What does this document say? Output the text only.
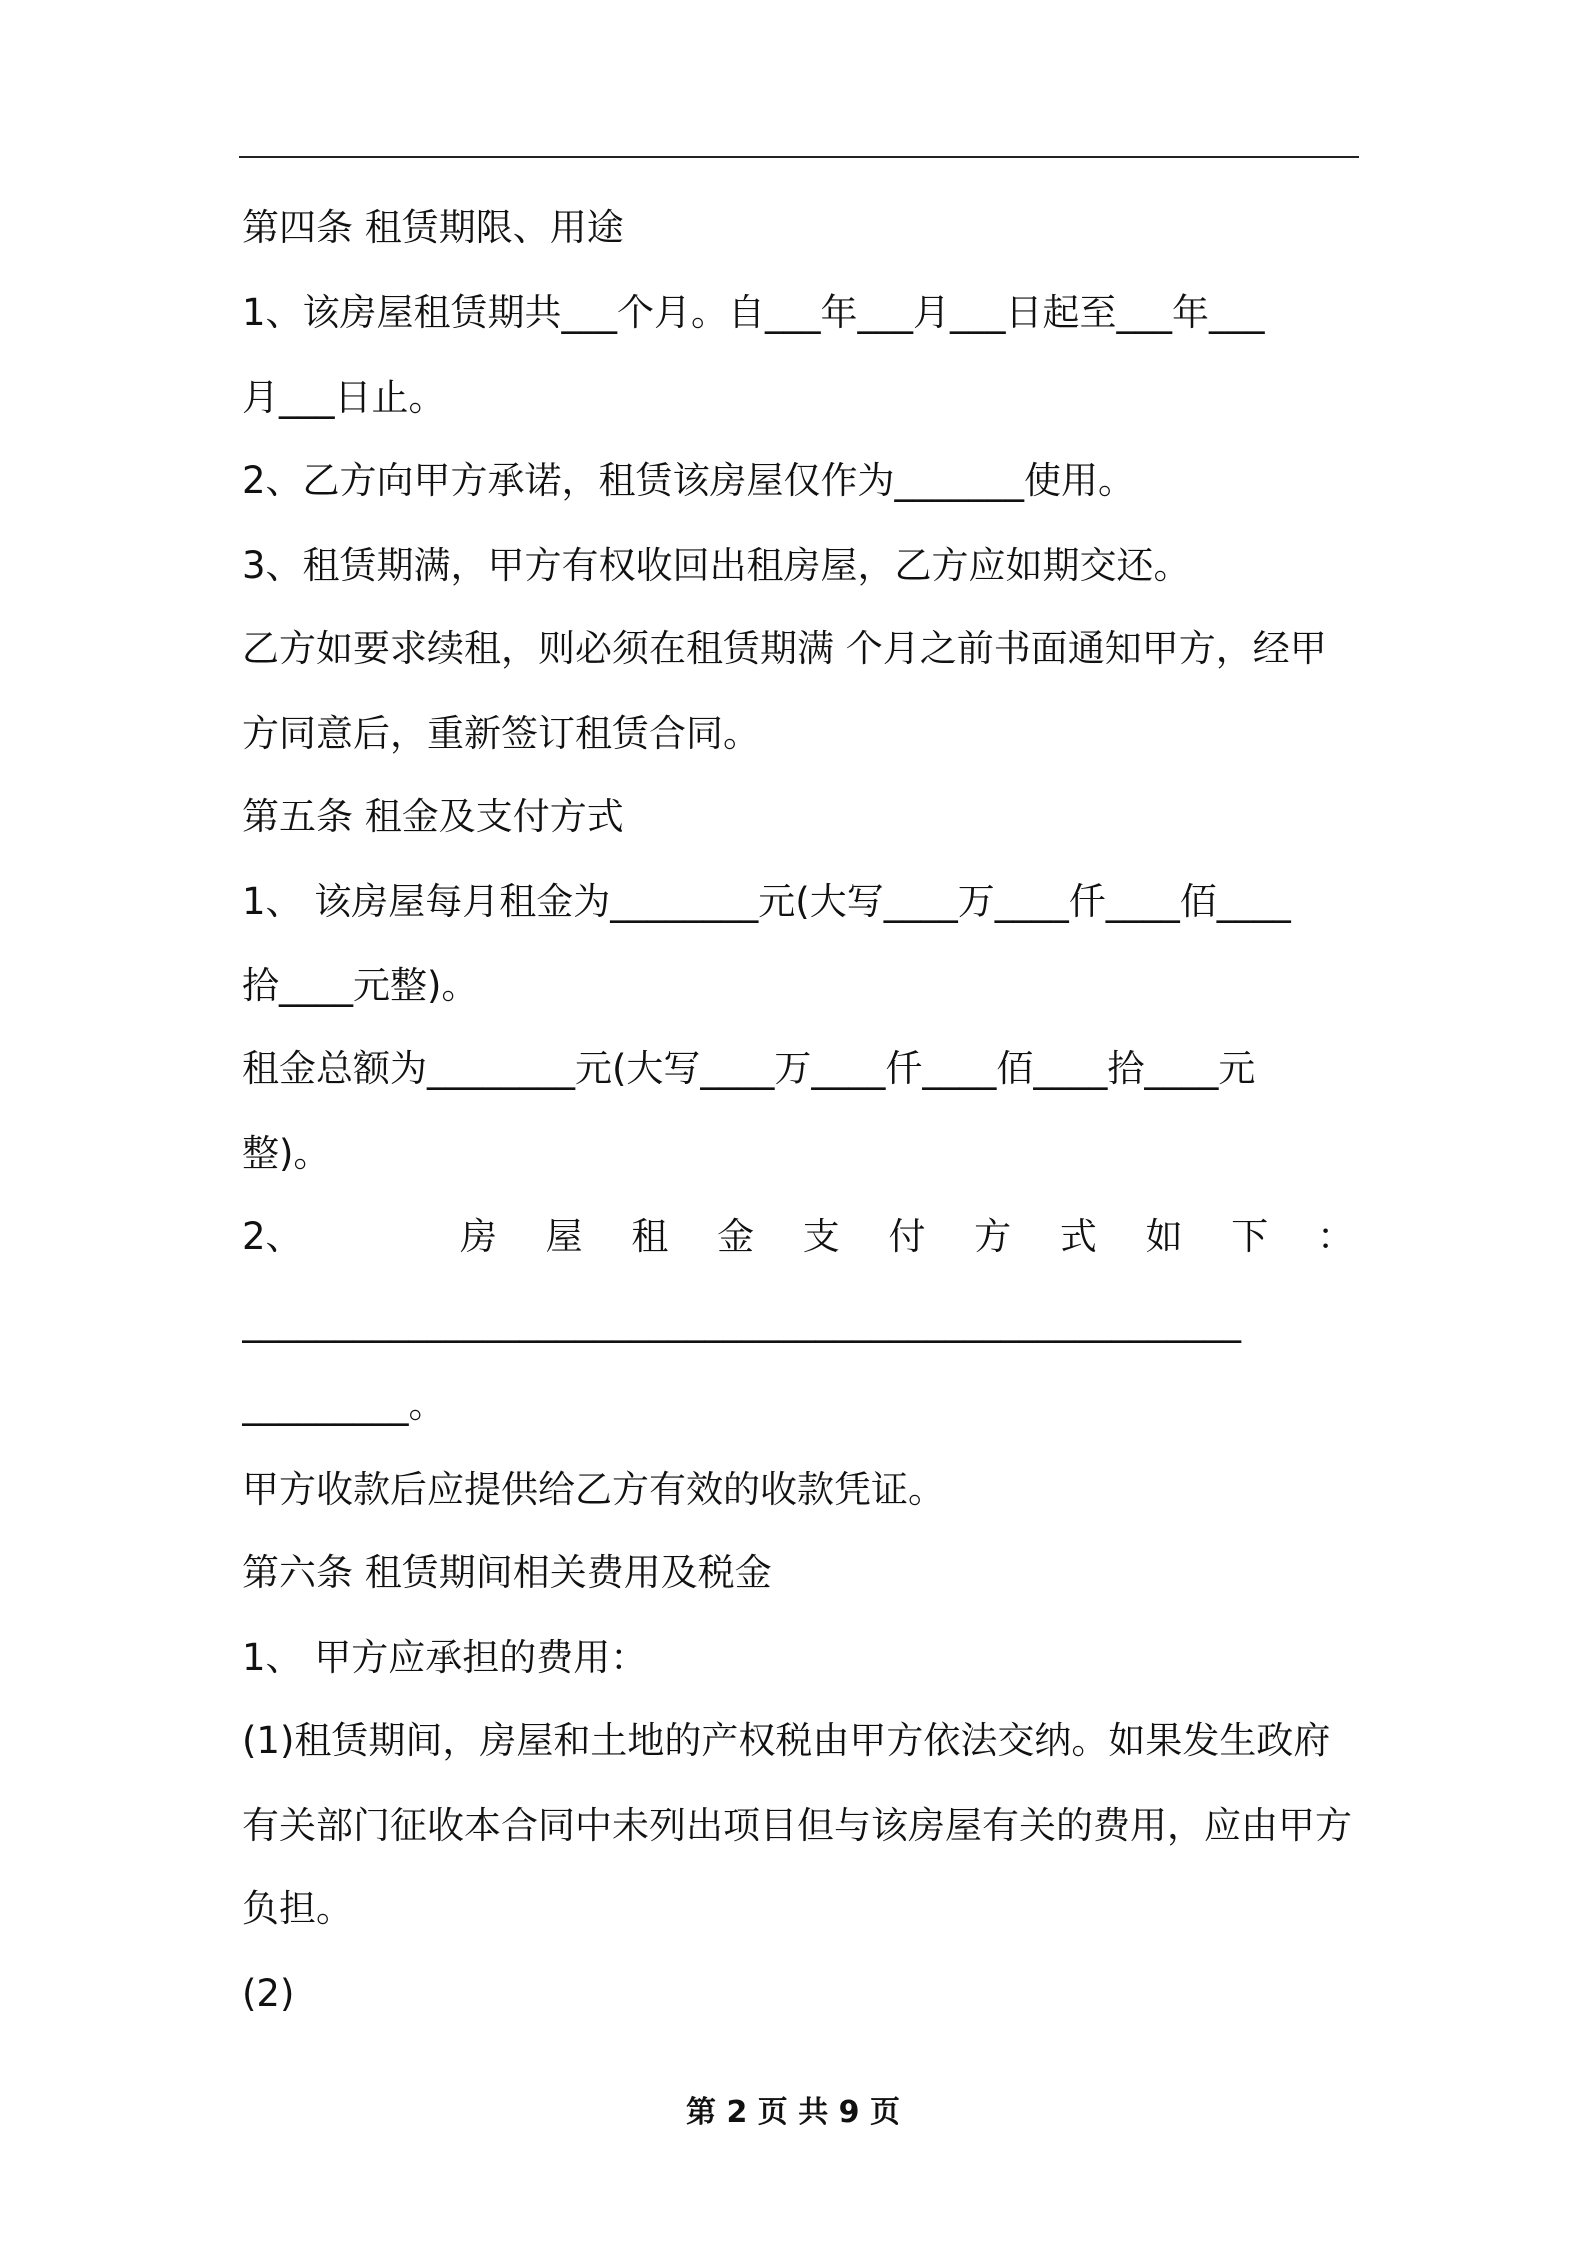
第四条 租赁期限、用途
1、该房屋租赁期共___个月。自___年___月___日起至___年___
月___日止。
2、乙方向甲方承诺，租赁该房屋仅作为_______使用。
3、租赁期满，甲方有权收回出租房屋，乙方应如期交还。
乙方如要求续租，则必须在租赁期满 个月之前书面通知甲方，经甲
方同意后，重新签订租赁合同。
第五条 租金及支付方式
1、 该房屋每月租金为________元(大写____万____仟____佰____
拾____元整)。
租金总额为________元(大写____万____仟____佰____拾____元
整)。
2、	房 屋 租 金 支 付 方 式 如 下 ：
______________________________________________________
_________。
甲方收款后应提供给乙方有效的收款凭证。
第六条 租赁期间相关费用及税金
1、 甲方应承担的费用：
(1)租赁期间，房屋和土地的产权税由甲方依法交纳。如果发生政府
有关部门征收本合同中未列出项目但与该房屋有关的费用，应由甲方
负担。
(2)
第 2 页 共 9 页
